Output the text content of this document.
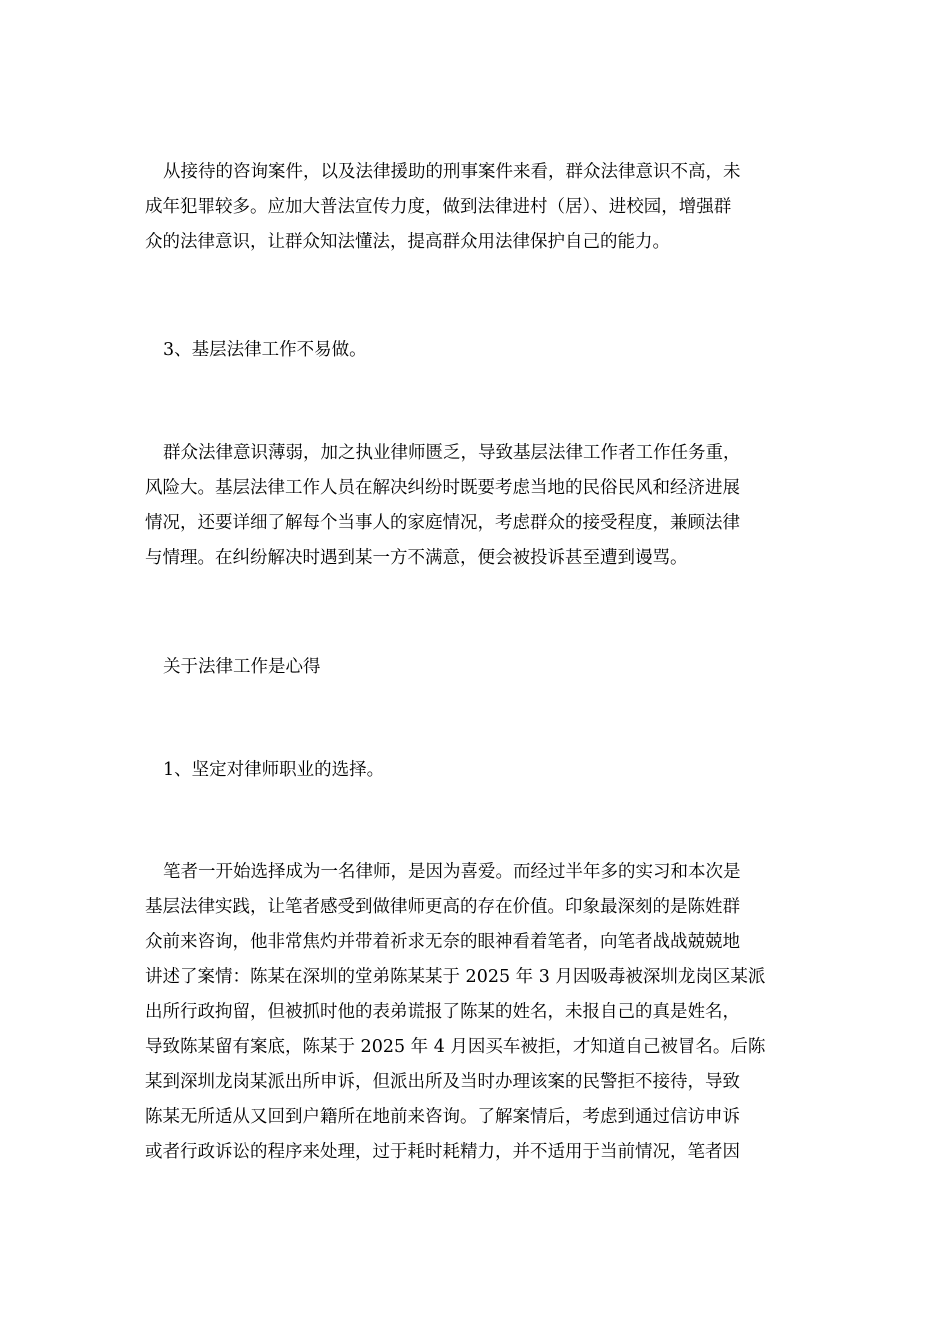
从接待的咨询案件，以及法律援助的刑事案件来看，群众法律意识不高，未
成年犯罪较多。应加大普法宣传力度，做到法律进村（居）、进校园，增强群
众的法律意识，让群众知法懂法，提高群众用法律保护自己的能力。
3、基层法律工作不易做。
群众法律意识薄弱，加之执业律师匮乏，导致基层法律工作者工作任务重，
风险大。基层法律工作人员在解决纠纷时既要考虑当地的民俗民风和经济进展
情况，还要详细了解每个当事人的家庭情况，考虑群众的接受程度，兼顾法律
与情理。在纠纷解决时遇到某一方不满意，便会被投诉甚至遭到谩骂。
关于法律工作是心得
1、坚定对律师职业的选择。
笔者一开始选择成为一名律师，是因为喜爱。而经过半年多的实习和本次是
基层法律实践，让笔者感受到做律师更高的存在价值。印象最深刻的是陈姓群
众前来咨询，他非常焦灼并带着祈求无奈的眼神看着笔者，向笔者战战兢兢地
讲述了案情：陈某在深圳的堂弟陈某某于 2025 年 3 月因吸毒被深圳龙岗区某派
出所行政拘留，但被抓时他的表弟谎报了陈某的姓名，未报自己的真是姓名，
导致陈某留有案底，陈某于 2025 年 4 月因买车被拒，才知道自己被冒名。后陈
某到深圳龙岗某派出所申诉，但派出所及当时办理该案的民警拒不接待，导致
陈某无所适从又回到户籍所在地前来咨询。了解案情后，考虑到通过信访申诉
或者行政诉讼的程序来处理，过于耗时耗精力，并不适用于当前情况，笔者因
